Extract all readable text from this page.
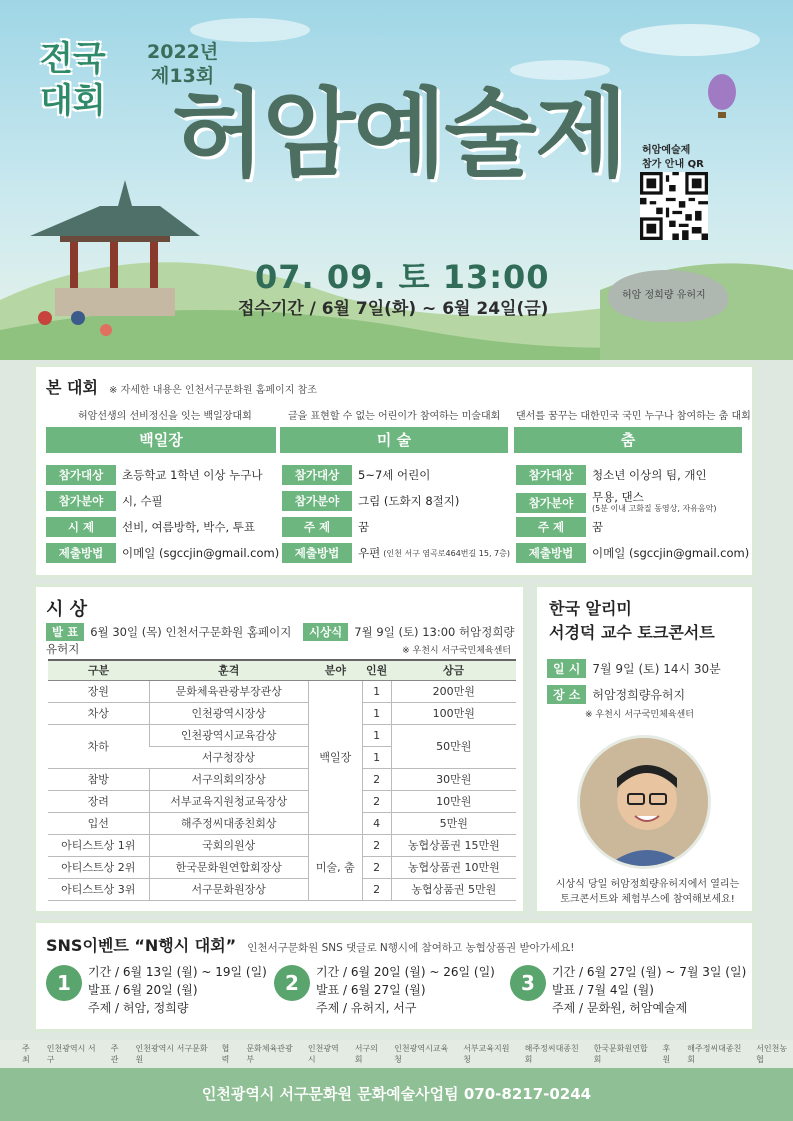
전국
대회
2022년
제13회
허암예술제 허암예술제
참가 안내 QR
07. 09. 토 13:00
접수기간 / 6월 7일(화) ~ 6월 24일(금)
허암 정희량 유허지
본 대회 ※ 자세한 내용은 인천서구문화원 홈페이지 참조
허암선생의 선비정신을 잇는 백일장대회
백일장
글을 표현할 수 없는 어린이가 참여하는 미술대회
미 술
댄서를 꿈꾸는 대한민국 국민 누구나 참여하는 춤 대회
춤
참가대상	초등학교 1학년 이상 누구나
참가분야	시, 수필
시 제	선비, 여름방학, 박수, 투표
제출방법	이메일 (sgccjin@gmail.com)
참가대상	5~7세 어린이
참가분야	그림 (도화지 8절지)
주 제	꿈
제출방법	우편 (인천 서구 염곡로464번길 15, 7층)
참가대상	청소년 이상의 팀, 개인
참가분야	무용, 댄스
(5분 이내 고화질 동영상, 자유음악)
주 제	꿈
제출방법	이메일 (sgccjin@gmail.com)
시 상
발 표 6월 30일 (목) 인천서구문화원 홈페이지 시상식 7월 9일 (토) 13:00 허암정희량유허지	※ 우천시 서구국민체육센터
구분	훈격	분야	인원	상금
장원	문화체육관광부장관상	백일장	1	200만원
차상	인천광역시장상		1	100만원
차하	인천광역시교육감상		1	50만원
	서구청장상		1	
참방	서구의회의장상		2	30만원
장려	서부교육지원청교육장상		2	10만원
입선	해주정씨대종친회상		4	5만원
아티스트상 1위	국회의원상	미술, 춤	2	농협상품권 15만원
아티스트상 2위	한국문화원연합회장상		2	농협상품권 10만원
아티스트상 3위	서구문화원장상		2	농협상품권 5만원
한국 알리미
서경덕 교수 토크콘서트
일 시 7월 9일 (토) 14시 30분
장 소 허암정희량유허지
※ 우천시 서구국민체육센터
시상식 당일 허암정희량유허지에서 열리는
토크콘서트와 체험부스에 참여해보세요!
SNS이벤트 “N행시 대회” 인천서구문화원 SNS 댓글로 N행시에 참여하고 농협상품권 받아가세요!
1	기간 / 6월 13일 (월) ~ 19일 (일)
발표 / 6월 20일 (월)
주제 / 허암, 정희량
2	기간 / 6월 20일 (월) ~ 26일 (일)
발표 / 6월 27일 (월)
주제 / 유허지, 서구
3	기간 / 6월 27일 (월) ~ 7월 3일 (일)
발표 / 7월 4일 (월)
주제 / 문화원, 허암예술제
주최
인천광역시 서구
주관
인천광역시 서구문화원
협력
문화체육관광부
인천광역시
서구의회
인천광역시교육청
서부교육지원청
해주정씨대종친회
한국문화원연합회
후원
해주정씨대종친회
서인천농협
인천광역시 서구문화원 문화예술사업팀 070-8217-0244
